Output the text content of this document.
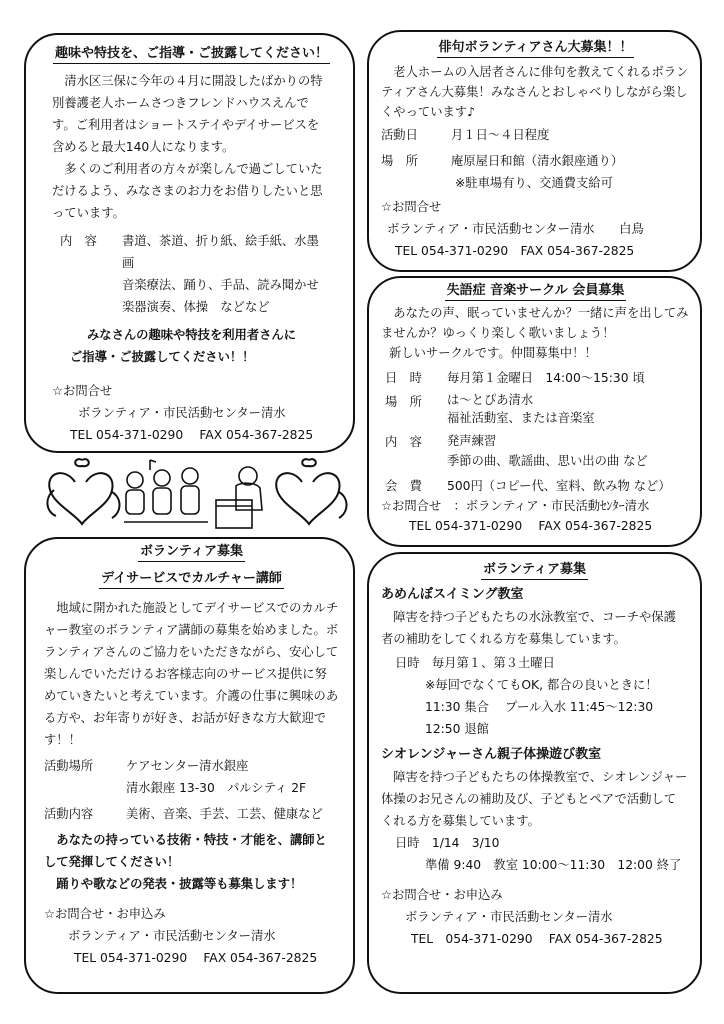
趣味や特技を、ご指導・ご披露してください！

清水区三保に今年の４月に開設したばかりの特別養護老人ホームさつきフレンドハウスえんです。ご利用者はショートステイやデイサービスを含めると最大140人になります。

多くのご利用者の方々が楽しんで過ごしていただけるよう、みなさまのお力をお借りしたいと思っています。

内　容	書道、茶道、折り紙、絵手紙、水墨画
音楽療法、踊り、手品、読み聞かせ
楽器演奏、体操　などなど
みなさんの趣味や特技を利用者さんに
ご指導・ご披露してください！！
☆お問合せ
ボランティア・市民活動センター清水
TEL 054-371-0290　 FAX 054-367-2825
俳句ボランティアさん大募集！！

老人ホームの入居者さんに俳句を教えてくれるボランティアさん大募集！みなさんとおしゃべりしながら楽しくやっています♪

活動日	月１日～４日程度
場　所	庵原屋日和館（清水銀座通り）
※駐車場有り、交通費支給可
☆お問合せ
ボランティア・市民活動センター清水　　白鳥
TEL 054-371-0290　FAX 054-367-2825
失語症 音楽サークル 会員募集

あなたの声、眠っていませんか？一緒に声を出してみませんか？ゆっくり楽しく歌いましょう！

新しいサークルです。仲間募集中！！

日　時	毎月第１金曜日　14:00～15:30 頃
場　所	は～とぴあ清水
福祉活動室、または音楽室
内　容	発声練習
季節の曲、歌謡曲、思い出の曲 など
会　費	500円（コピー代、室料、飲み物 など）
☆お問合せ　：ボランティア・市民活動ｾﾝﾀｰ清水
TEL 054-371-0290　 FAX 054-367-2825
ボランティア募集
デイサービスでカルチャー講師

地域に開かれた施設としてデイサービスでのカルチャー教室のボランティア講師の募集を始めました。ボランティアさんのご協力をいただきながら、安心して楽しんでいただけるお客様志向のサービス提供に努めていきたいと考えています。介護の仕事に興味のある方や、お年寄りが好き、お話が好きな方大歓迎です！！

活動場所	ケアセンター清水銀座
清水銀座 13-30　パルシティ 2F
活動内容	美術、音楽、手芸、工芸、健康など

あなたの持っている技術・特技・才能を、講師として発揮してください！

踊りや歌などの発表・披露等も募集します！

☆お問合せ・お申込み
ボランティア・市民活動センター清水
TEL 054-371-0290　 FAX 054-367-2825
ボランティア募集
あめんぼスイミング教室

障害を持つ子どもたちの水泳教室で、コーチや保護者の補助をしてくれる方を募集しています。

日時　毎月第１、第３土曜日
※毎回でなくてもOK, 都合の良いときに！
11:30 集合　 プール入水 11:45～12:30
12:50 退館
シオレンジャーさん親子体操遊び教室

障害を持つ子どもたちの体操教室で、シオレンジャー体操のお兄さんの補助及び、子どもとペアで活動してくれる方を募集しています。

日時　1/14　3/10
準備 9:40　教室 10:00～11:30　12:00 終了
☆お問合せ・お申込み
ボランティア・市民活動センター清水
TEL　054-371-0290　 FAX 054-367-2825
